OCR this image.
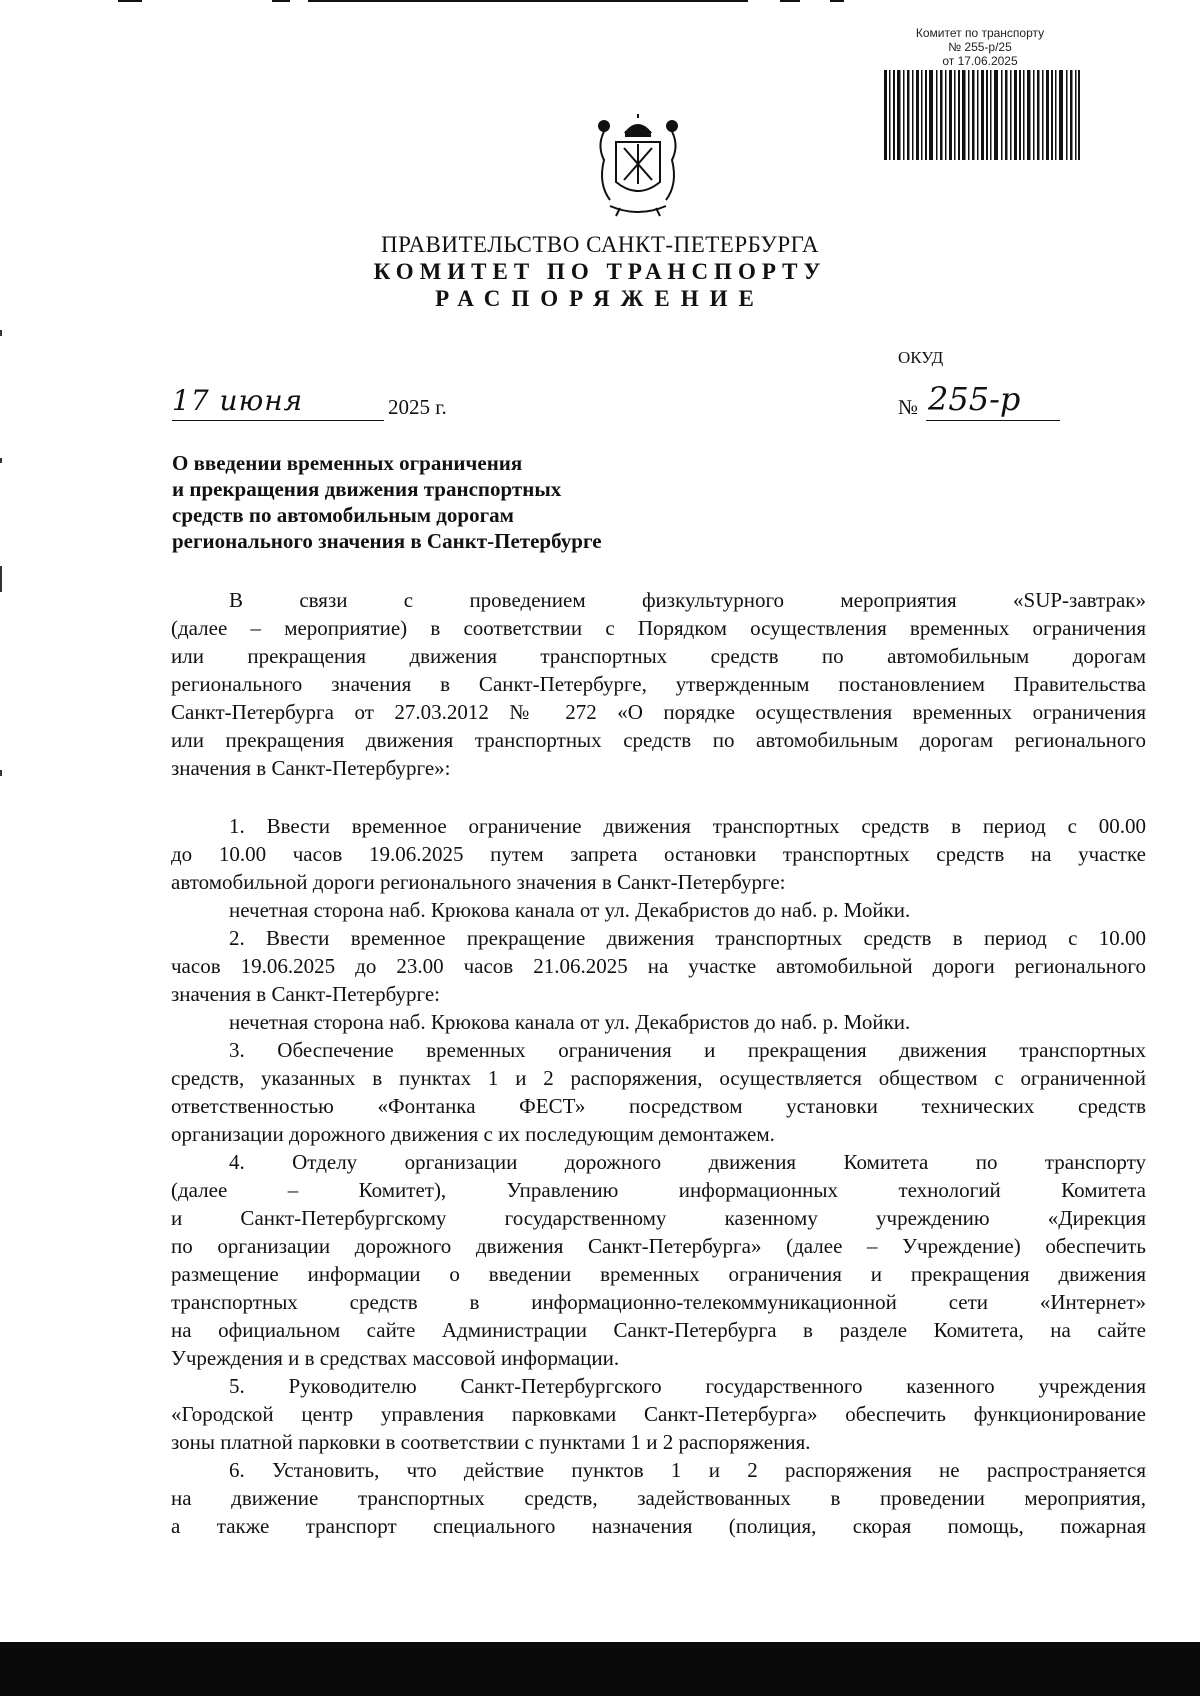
Комитет по транспорту
№ 255-р/25
от 17.06.2025
ПРАВИТЕЛЬСТВО САНКТ-ПЕТЕРБУРГА
КОМИТЕТ ПО ТРАНСПОРТУ
РАСПОРЯЖЕНИЕ
ОКУД
17 июня	2025 г.	№ 255-р
О введении временных ограничения
и прекращения движения транспортных
средств по автомобильным дорогам
регионального значения в Санкт-Петербурге
В связи с проведением физкультурного мероприятия «SUP-завтрак»
(далее – мероприятие) в соответствии с Порядком осуществления временных ограничения
или прекращения движения транспортных средств по автомобильным дорогам
регионального значения в Санкт-Петербурге, утвержденным постановлением Правительства
Санкт-Петербурга от 27.03.2012 № 272 «О порядке осуществления временных ограничения
или прекращения движения транспортных средств по автомобильным дорогам регионального
значения в Санкт-Петербурге»:
1. Ввести временное ограничение движения транспортных средств в период с 00.00
до 10.00 часов 19.06.2025 путем запрета остановки транспортных средств на участке
автомобильной дороги регионального значения в Санкт-Петербурге:
нечетная сторона наб. Крюкова канала от ул. Декабристов до наб. р. Мойки.
2. Ввести временное прекращение движения транспортных средств в период с 10.00
часов 19.06.2025 до 23.00 часов 21.06.2025 на участке автомобильной дороги регионального
значения в Санкт-Петербурге:
нечетная сторона наб. Крюкова канала от ул. Декабристов до наб. р. Мойки.
3. Обеспечение временных ограничения и прекращения движения транспортных
средств, указанных в пунктах 1 и 2 распоряжения, осуществляется обществом с ограниченной
ответственностью «Фонтанка ФЕСТ» посредством установки технических средств
организации дорожного движения с их последующим демонтажем.
4. Отделу организации дорожного движения Комитета по транспорту
(далее – Комитет), Управлению информационных технологий Комитета
и Санкт-Петербургскому государственному казенному учреждению «Дирекция
по организации дорожного движения Санкт-Петербурга» (далее – Учреждение) обеспечить
размещение информации о введении временных ограничения и прекращения движения
транспортных средств в информационно-телекоммуникационной сети «Интернет»
на официальном сайте Администрации Санкт-Петербурга в разделе Комитета, на сайте
Учреждения и в средствах массовой информации.
5. Руководителю Санкт-Петербургского государственного казенного учреждения
«Городской центр управления парковками Санкт-Петербурга» обеспечить функционирование
зоны платной парковки в соответствии с пунктами 1 и 2 распоряжения.
6. Установить, что действие пунктов 1 и 2 распоряжения не распространяется
на движение транспортных средств, задействованных в проведении мероприятия,
а также транспорт специального назначения (полиция, скорая помощь, пожарная
